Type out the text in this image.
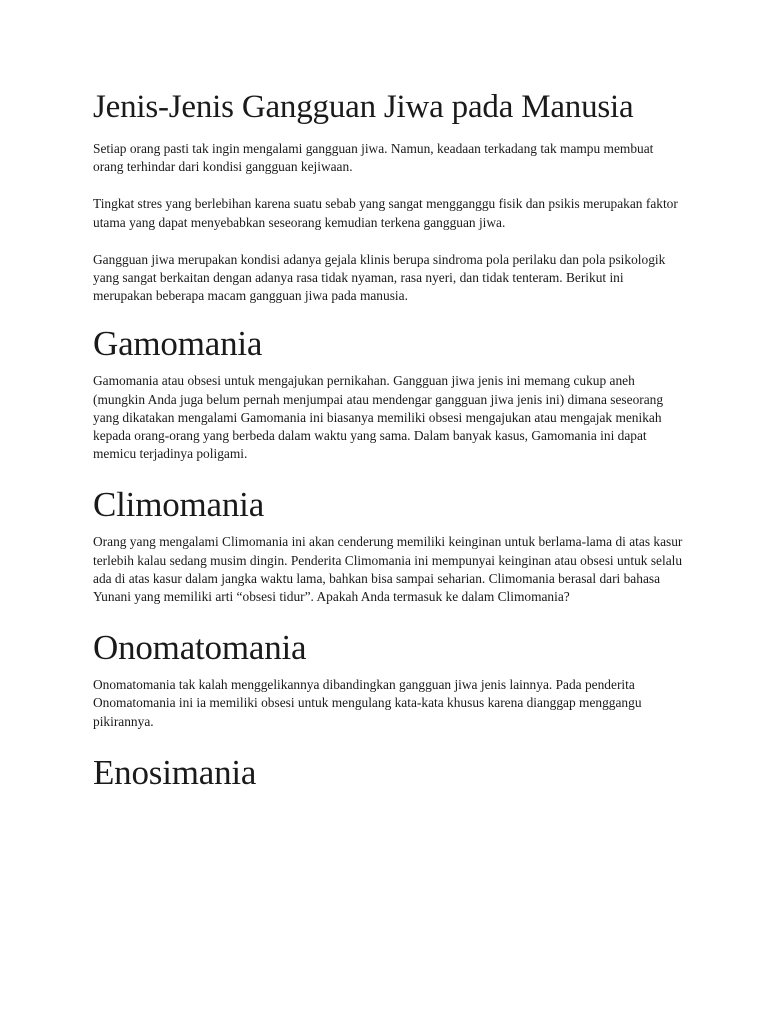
Jenis-Jenis Gangguan Jiwa pada Manusia

Setiap orang pasti tak ingin mengalami gangguan jiwa. Namun, keadaan terkadang tak mampu membuat orang terhindar dari kondisi gangguan kejiwaan.

Tingkat stres yang berlebihan karena suatu sebab yang sangat mengganggu fisik dan psikis merupakan faktor utama yang dapat menyebabkan seseorang kemudian terkena gangguan jiwa.

Gangguan jiwa merupakan kondisi adanya gejala klinis berupa sindroma pola perilaku dan pola psikologik yang sangat berkaitan dengan adanya rasa tidak nyaman, rasa nyeri, dan tidak tenteram. Berikut ini merupakan beberapa macam gangguan jiwa pada manusia.

Gamomania

Gamomania atau obsesi untuk mengajukan pernikahan. Gangguan jiwa jenis ini memang cukup aneh (mungkin Anda juga belum pernah menjumpai atau mendengar gangguan jiwa jenis ini) dimana seseorang yang dikatakan mengalami Gamomania ini biasanya memiliki obsesi mengajukan atau mengajak menikah kepada orang-orang yang berbeda dalam waktu yang sama. Dalam banyak kasus, Gamomania ini dapat memicu terjadinya poligami.

Climomania

Orang yang mengalami Climomania ini akan cenderung memiliki keinginan untuk berlama-lama di atas kasur terlebih kalau sedang musim dingin. Penderita Climomania ini mempunyai keinginan atau obsesi untuk selalu ada di atas kasur dalam jangka waktu lama, bahkan bisa sampai seharian. Climomania berasal dari bahasa Yunani yang memiliki arti “obsesi tidur”. Apakah Anda termasuk ke dalam Climomania?

Onomatomania

Onomatomania tak kalah menggelikannya dibandingkan gangguan jiwa jenis lainnya. Pada penderita Onomatomania ini ia memiliki obsesi untuk mengulang kata-kata khusus karena dianggap menggangu pikirannya.

Enosimania
